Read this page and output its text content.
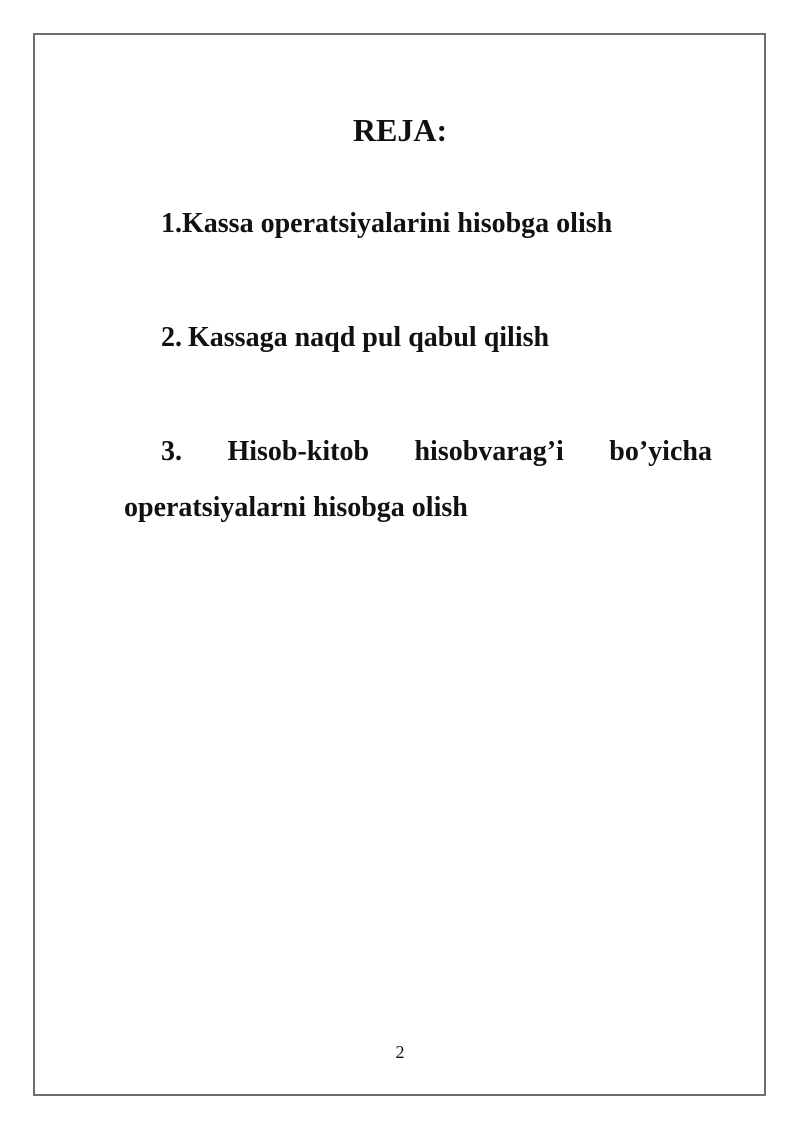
REJA:

1.Kassa operatsiyalarini hisobga olish

2. Kassaga naqd pul qabul qilish

3. Hisob-kitob hisobvarag’i bo’yicha
operatsiyalarni hisobga olish
2
